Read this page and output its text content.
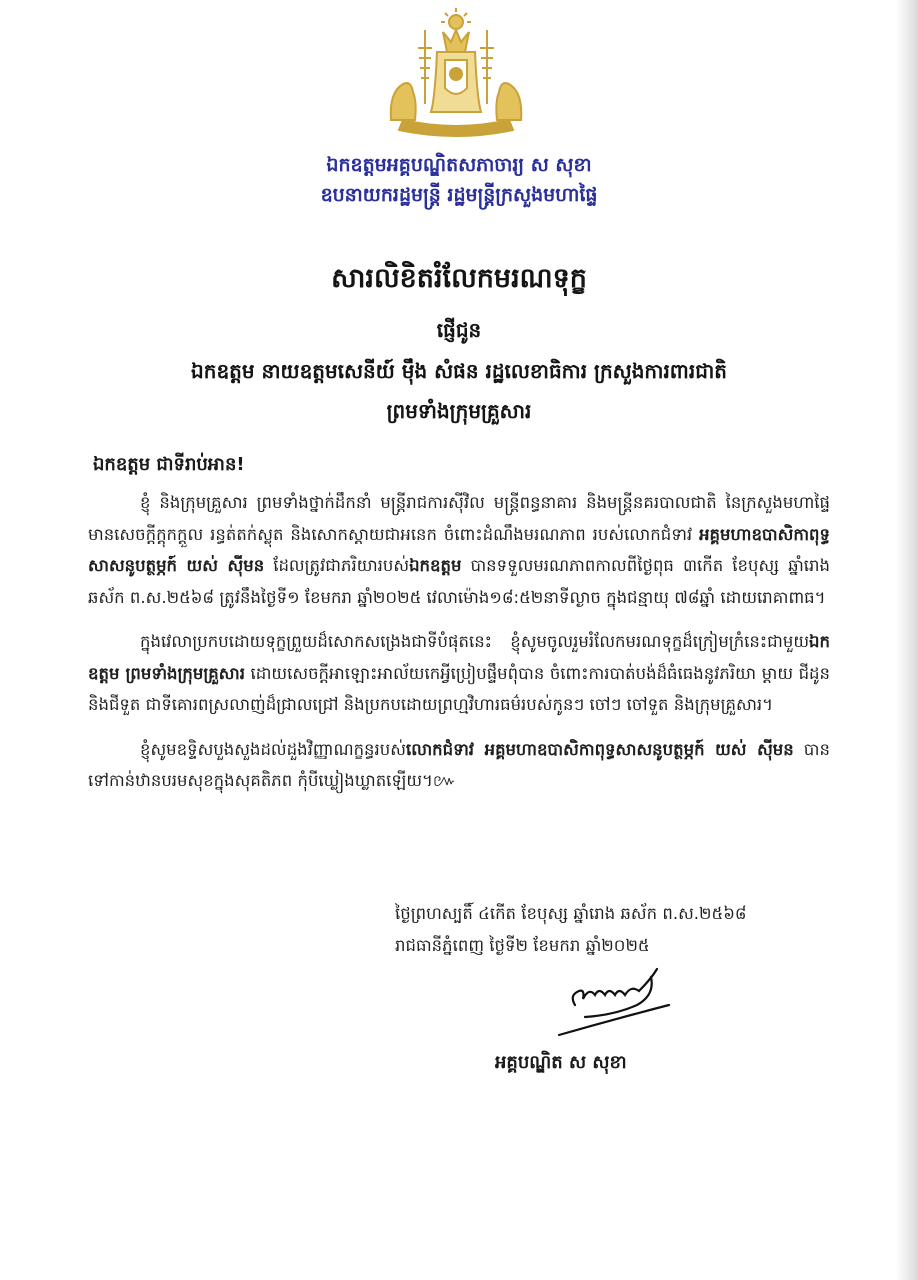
ឯកឧត្តមអគ្គបណ្ឌិតសភាចារ្យ ស សុខា
ឧបនាយករដ្ឋមន្ត្រី រដ្ឋមន្ត្រីក្រសួងមហាផ្ទៃ
សារលិខិតរំលែកមរណទុក្ខ
ផ្ញើជូន
ឯកឧត្តម នាយឧត្តមសេនីយ៍ ម៉ឹង សំផន រដ្ឋលេខាធិការ ក្រសួងការពារជាតិ
ព្រមទាំងក្រុមគ្រួសារ
ឯកឧត្តម ជាទីរាប់អាន!

ខ្ញុំ និងក្រុមគ្រួសារ ព្រមទាំងថ្នាក់ដឹកនាំ មន្ត្រីរាជការស៊ីវិល មន្ត្រីពន្ធនាគារ និងមន្ត្រីនគរបាលជាតិ នៃក្រសួងមហាផ្ទៃ មានសេចក្តីក្តុកក្តួល រន្ធត់តក់ស្លុត និងសោកស្តាយជាអនេក ចំពោះដំណឹងមរណភាព របស់លោកជំទាវ អគ្គមហាឧបាសិកាពុទ្ធសាសនូបត្ថម្ភក៍ យស់ ស៊ីមន ដែលត្រូវជាភរិយារបស់ឯកឧត្តម បានទទួលមរណភាពកាលពីថ្ងៃពុធ ៣កើត ខែបុស្ស ឆ្នាំរោង ឆស័ក ព.ស.២៥៦៨ ត្រូវនឹងថ្ងៃទី១ ខែមករា ឆ្នាំ២០២៥ វេលាម៉ោង១៨:៥២នាទីល្ងាច ក្នុងជន្មាយុ ៧៨ឆ្នាំ ដោយរោគាពាធ។

ក្នុងវេលាប្រកបដោយទុក្ខព្រួយដ៏សោកសង្រេងជាទីបំផុតនេះ ខ្ញុំសូមចូលរួមរំលែកមរណទុក្ខដ៏ក្រៀមក្រំនេះជាមួយឯកឧត្តម ព្រមទាំងក្រុមគ្រួសារ ដោយសេចក្តីអាឡោះអាល័យកេអ្វីប្រៀបផ្ទឹមពុំបាន ចំពោះការបាត់បង់ដ៏ធំធេងនូវភរិយា ម្តាយ ជីដូន និងជីទួត ជាទីគោរពស្រលាញ់ដ៏ជ្រាលជ្រៅ និងប្រកបដោយព្រហ្មវិហារធម៌របស់កូនៗ ចៅៗ ចៅទួត និងក្រុមគ្រួសារ។

ខ្ញុំសូមឧទ្ទិសបួងសួងដល់ដួងវិញ្ញាណក្ខន្ធរបស់លោកជំទាវ អគ្គមហាឧបាសិកាពុទ្ធសាសនូបត្ថម្ភក៍ យស់ ស៊ីមន បានទៅកាន់ឋានបរមសុខក្នុងសុគតិភព កុំបីឃ្លៀងឃ្លាតឡើយ។៚

ថ្ងៃព្រហស្បតិ៍ ៤កើត ខែបុស្ស ឆ្នាំរោង ឆស័ក ព.ស.២៥៦៨
រាជធានីភ្នំពេញ ថ្ងៃទី២ ខែមករា ឆ្នាំ២០២៥
អគ្គបណ្ឌិត ស សុខា
